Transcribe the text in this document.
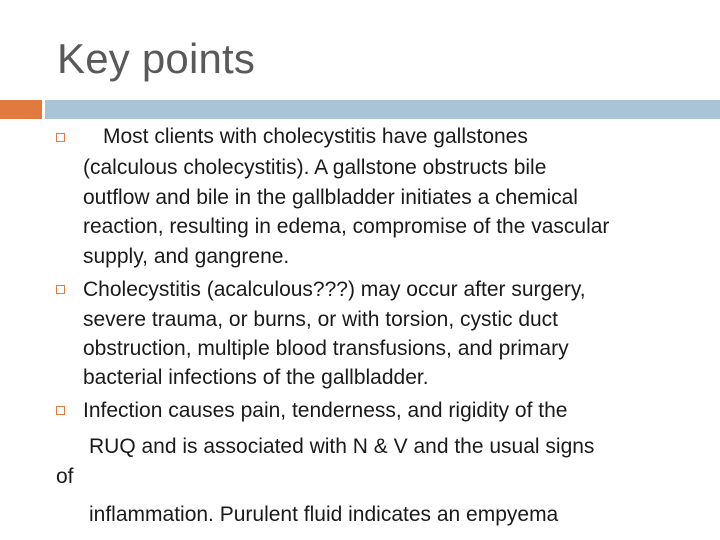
Key points
Most clients with cholecystitis have gallstones
(calculous cholecystitis). A gallstone obstructs bile
outflow and bile in the gallbladder initiates a chemical
reaction, resulting in edema, compromise of the vascular
supply, and gangrene.
Cholecystitis (acalculous???) may occur after surgery,
severe trauma, or burns, or with torsion, cystic duct
obstruction, multiple blood transfusions, and primary
bacterial infections of the gallbladder.
Infection causes pain, tenderness, and rigidity of the
RUQ and is associated with N & V and the usual signs
of
inflammation. Purulent fluid indicates an empyema
